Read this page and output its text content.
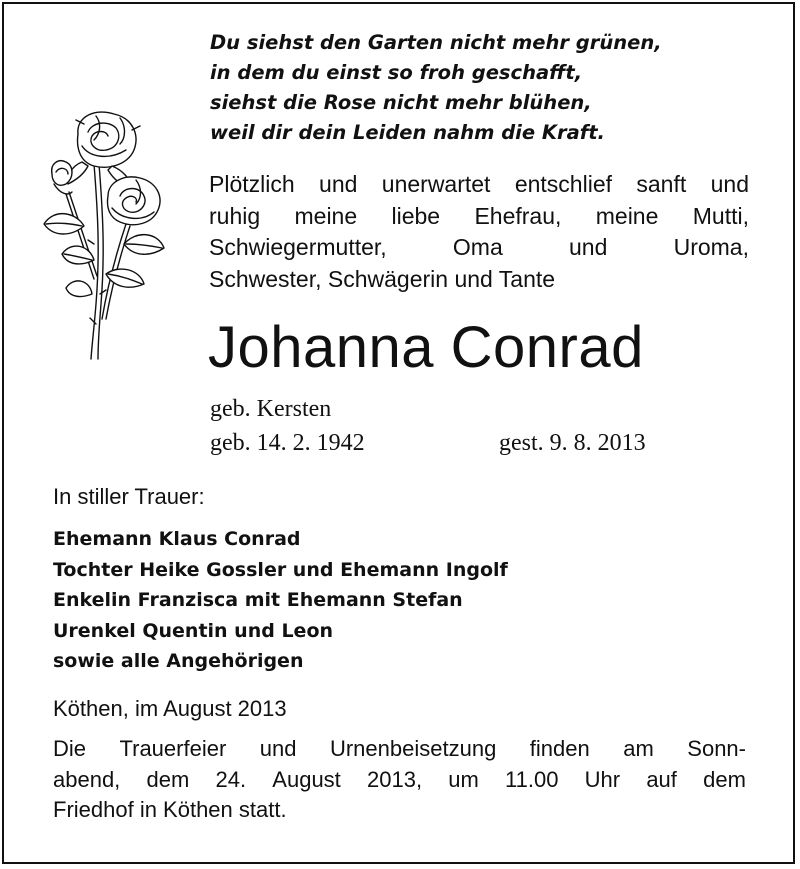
Du siehst den Garten nicht mehr grünen,
in dem du einst so froh geschafft,
siehst die Rose nicht mehr blühen,
weil dir dein Leiden nahm die Kraft.
Plötzlich und unerwartet entschlief sanft und
ruhig meine liebe Ehefrau, meine Mutti,
Schwiegermutter,	Oma	und	Uroma,
Schwester, Schwägerin und Tante
Johanna Conrad
geb. Kersten
geb. 14. 2. 1942	gest. 9. 8. 2013
In stiller Trauer:
Ehemann Klaus Conrad
Tochter Heike Gossler und Ehemann Ingolf
Enkelin Franzisca mit Ehemann Stefan
Urenkel Quentin und Leon
sowie alle Angehörigen
Köthen, im August 2013
Die Trauerfeier und Urnenbeisetzung finden am Sonn-
abend, dem 24. August 2013, um 11.00 Uhr auf dem
Friedhof in Köthen statt.
